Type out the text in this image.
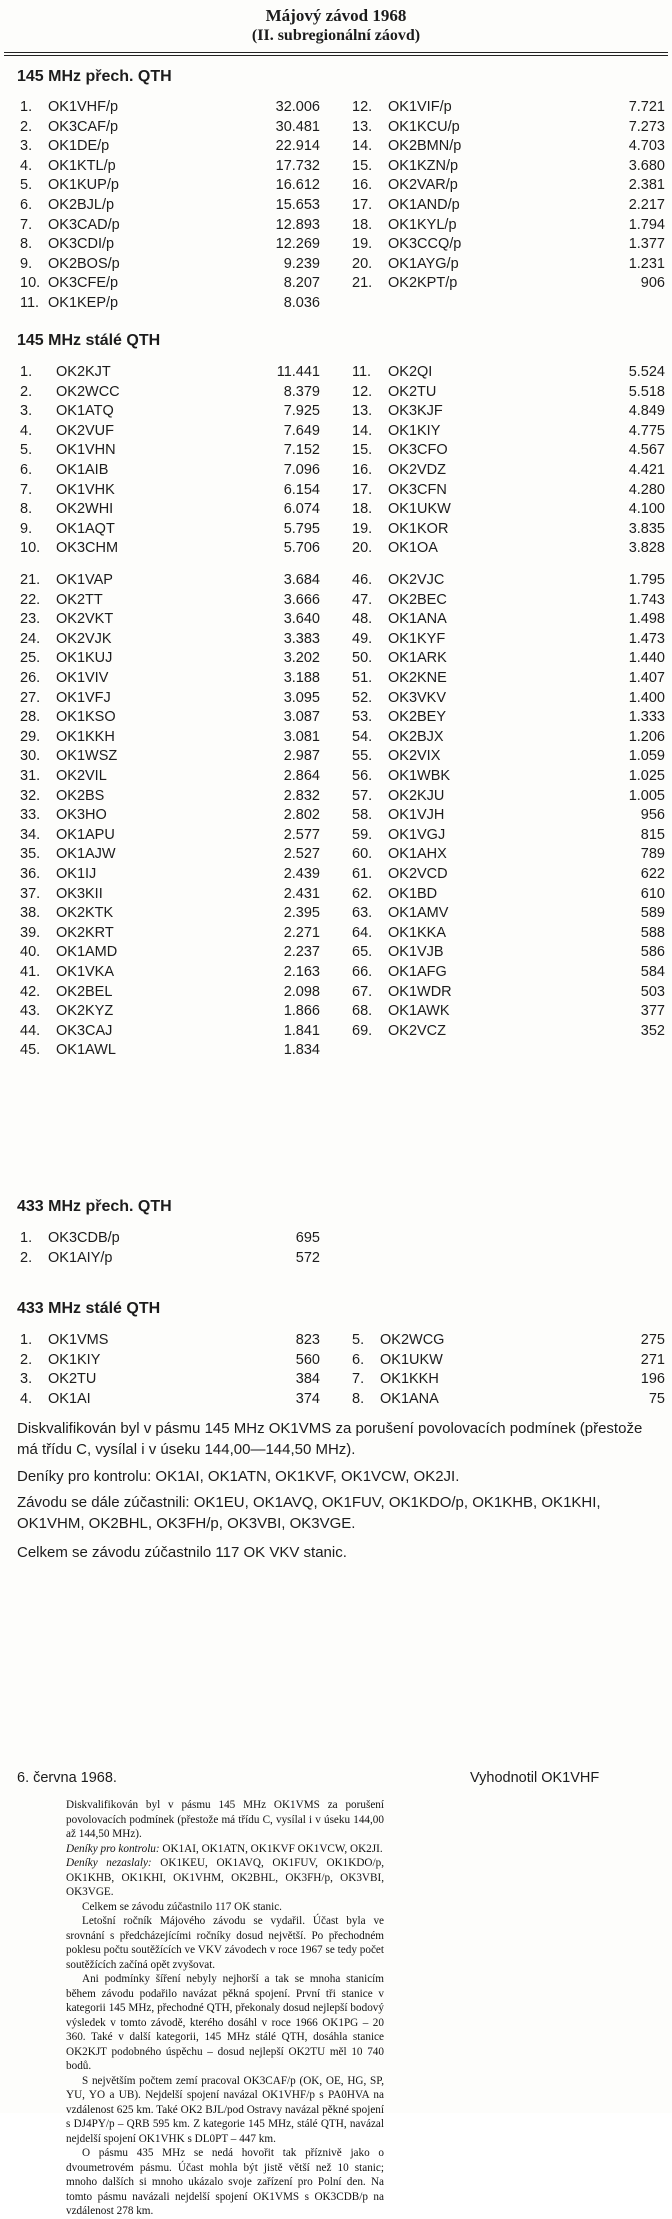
Májový závod 1968
(II. subregionální záovd)
145 MHz přech. QTH
1. OK1VHF/p	32.006
2. OK3CAF/p	30.481
3. OK1DE/p	22.914
4. OK1KTL/p	17.732
5. OK1KUP/p	16.612
6. OK2BJL/p	15.653
7. OK3CAD/p	12.893
8. OK3CDI/p	12.269
9. OK2BOS/p	9.239
10. OK3CFE/p	8.207
11. OK1KEP/p	8.036
12. OK1VIF/p	7.721
13. OK1KCU/p	7.273
14. OK2BMN/p	4.703
15. OK1KZN/p	3.680
16. OK2VAR/p	2.381
17. OK1AND/p	2.217
18. OK1KYL/p	1.794
19. OK3CCQ/p	1.377
20. OK1AYG/p	1.231
21. OK2KPT/p	906
145 MHz stálé QTH
1. OK2KJT	11.441
2. OK2WCC	8.379
3. OK1ATQ	7.925
4. OK2VUF	7.649
5. OK1VHN	7.152
6. OK1AIB	7.096
7. OK1VHK	6.154
8. OK2WHI	6.074
9. OK1AQT	5.795
10. OK3CHM	5.706
11. OK2QI	5.524
12. OK2TU	5.518
13. OK3KJF	4.849
14. OK1KIY	4.775
15. OK3CFO	4.567
16. OK2VDZ	4.421
17. OK3CFN	4.280
18. OK1UKW	4.100
19. OK1KOR	3.835
20. OK1OA	3.828
21. OK1VAP	3.684
22. OK2TT	3.666
23. OK2VKT	3.640
24. OK2VJK	3.383
25. OK1KUJ	3.202
26. OK1VIV	3.188
27. OK1VFJ	3.095
28. OK1KSO	3.087
29. OK1KKH	3.081
30. OK1WSZ	2.987
31. OK2VIL	2.864
32. OK2BS	2.832
33. OK3HO	2.802
34. OK1APU	2.577
35. OK1AJW	2.527
36. OK1IJ	2.439
37. OK3KII	2.431
38. OK2KTK	2.395
39. OK2KRT	2.271
40. OK1AMD	2.237
41. OK1VKA	2.163
42. OK2BEL	2.098
43. OK2KYZ	1.866
44. OK3CAJ	1.841
45. OK1AWL	1.834
46. OK2VJC	1.795
47. OK2BEC	1.743
48. OK1ANA	1.498
49. OK1KYF	1.473
50. OK1ARK	1.440
51. OK2KNE	1.407
52. OK3VKV	1.400
53. OK2BEY	1.333
54. OK2BJX	1.206
55. OK2VIX	1.059
56. OK1WBK	1.025
57. OK2KJU	1.005
58. OK1VJH	956
59. OK1VGJ	815
60. OK1AHX	789
61. OK2VCD	622
62. OK1BD	610
63. OK1AMV	589
64. OK1KKA	588
65. OK1VJB	586
66. OK1AFG	584
67. OK1WDR	503
68. OK1AWK	377
69. OK2VCZ	352
433 MHz přech. QTH
1. OK3CDB/p	695
2. OK1AIY/p	572
433 MHz stálé QTH
1. OK1VMS	823
2. OK1KIY	560
3. OK2TU	384
4. OK1AI	374
5. OK2WCG	275
6. OK1UKW	271
7. OK1KKH	196
8. OK1ANA	75
Diskvalifikován byl v pásmu 145 MHz OK1VMS za porušení povolovacích podmínek (přestože má třídu C, vysílal i v úseku 144,00—144,50 MHz).
Deníky pro kontrolu: OK1AI, OK1ATN, OK1KVF, OK1VCW, OK2JI.
Závodu se dále zúčastnili: OK1EU, OK1AVQ, OK1FUV, OK1KDO/p, OK1KHB, OK1KHI, OK1VHM, OK2BHL, OK3FH/p, OK3VBI, OK3VGE.
Celkem se závodu zúčastnilo 117 OK VKV stanic.
6. června 1968.	Vyhodnotil OK1VHF

Diskvalifikován byl v pásmu 145 MHz OK1VMS za porušení povolovacích podmínek (přestože má třídu C, vysílal i v úseku 144,00 až 144,50 MHz).

Deníky pro kontrolu: OK1AI, OK1ATN, OK1KVF OK1VCW, OK2JI.

Deníky nezaslaly: OK1KEU, OK1AVQ, OK1FUV, OK1KDO/p, OK1KHB, OK1KHI, OK1VHM, OK2BHL, OK3FH/p, OK3VBI, OK3VGE.

Celkem se závodu zúčastnilo 117 OK stanic.

Letošní ročník Májového závodu se vydařil. Účast byla ve srovnání s předcházejícími ročníky dosud největší. Po přechodném poklesu počtu soutěžících ve VKV závodech v roce 1967 se tedy počet soutěžících začíná opět zvyšovat.

Ani podmínky šíření nebyly nejhorší a tak se mnoha stanicím během závodu podařilo navázat pěkná spojení. První tři stanice v kategorii 145 MHz, přechodné QTH, překonaly dosud nejlepší bodový výsledek v tomto závodě, kterého dosáhl v roce 1966 OK1PG – 20 360. Také v další kategorii, 145 MHz stálé QTH, dosáhla stanice OK2KJT podobného úspěchu – dosud nejlepší OK2TU měl 10 740 bodů.

S největším počtem zemí pracoval OK3CAF/p (OK, OE, HG, SP, YU, YO a UB). Nejdelší spojení navázal OK1VHF/p s PA0HVA na vzdálenost 625 km. Také OK2 BJL/pod Ostravy navázal pěkné spojení s DJ4PY/p – QRB 595 km. Z kategorie 145 MHz, stálé QTH, navázal nejdelší spojení OK1VHK s DL0PT – 447 km.

O pásmu 435 MHz se nedá hovořit tak příznivě jako o dvoumetrovém pásmu. Účast mohla být jistě větší než 10 stanic; mnoho dalších si mnoho ukázalo svoje zařízení pro Polní den. Na tomto pásmu navázali nejdelší spojení OK1VMS s OK3CDB/p na vzdálenost 278 km.
